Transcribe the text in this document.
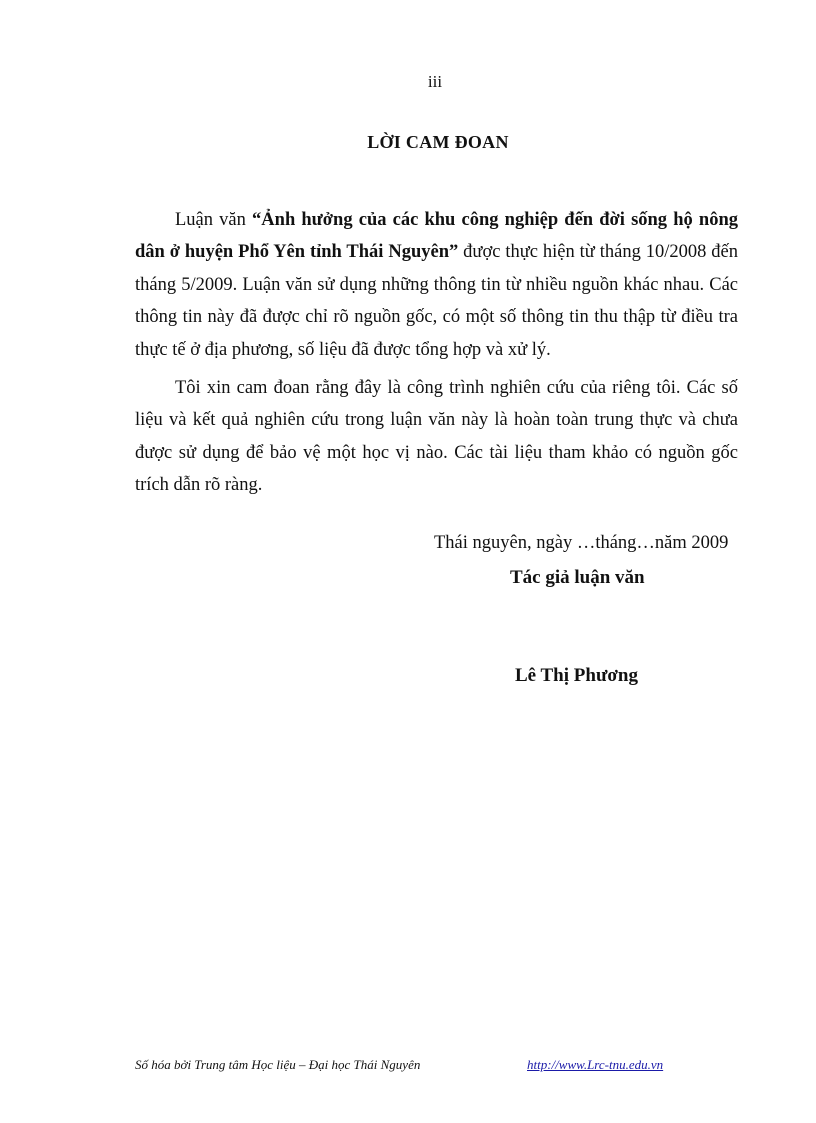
iii
LỜI CAM ĐOAN

Luận văn “Ảnh hưởng của các khu công nghiệp đến đời sống hộ nông dân ở huyện Phổ Yên tỉnh Thái Nguyên” được thực hiện từ tháng 10/2008 đến tháng 5/2009. Luận văn sử dụng những thông tin từ nhiều nguồn khác nhau. Các thông tin này đã được chỉ rõ nguồn gốc, có một số thông tin thu thập từ điều tra thực tế ở địa phương, số liệu đã được tổng hợp và xử lý.

Tôi xin cam đoan rằng đây là công trình nghiên cứu của riêng tôi. Các số liệu và kết quả nghiên cứu trong luận văn này là hoàn toàn trung thực và chưa được sử dụng để bảo vệ một học vị nào. Các tài liệu tham khảo có nguồn gốc trích dẫn rõ ràng.

Thái nguyên, ngày …tháng…năm 2009
Tác giả luận văn
Lê Thị Phương
Số hóa bởi Trung tâm Học liệu – Đại học Thái Nguyên	http://www.Lrc-tnu.edu.vn
